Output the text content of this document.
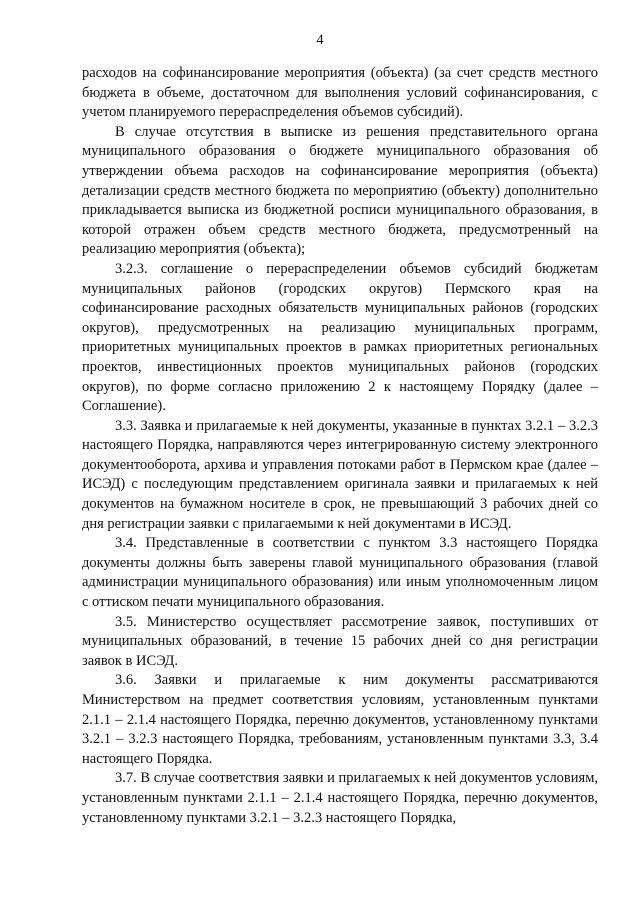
4

расходов на софинансирование мероприятия (объекта) (за счет средств местного бюджета в объеме, достаточном для выполнения условий софинансирования, с учетом планируемого перераспределения объемов субсидий).

В случае отсутствия в выписке из решения представительного органа муниципального образования о бюджете муниципального образования об утверждении объема расходов на софинансирование мероприятия (объекта) детализации средств местного бюджета по мероприятию (объекту) дополнительно прикладывается выписка из бюджетной росписи муниципального образования, в которой отражен объем средств местного бюджета, предусмотренный на реализацию мероприятия (объекта);

3.2.3. соглашение о перераспределении объемов субсидий бюджетам муниципальных районов (городских округов) Пермского края на софинансирование расходных обязательств муниципальных районов (городских округов), предусмотренных на реализацию муниципальных программ, приоритетных муниципальных проектов в рамках приоритетных региональных проектов, инвестиционных проектов муниципальных районов (городских округов), по форме согласно приложению 2 к настоящему Порядку (далее – Соглашение).

3.3. Заявка и прилагаемые к ней документы, указанные в пунктах 3.2.1 – 3.2.3 настоящего Порядка, направляются через интегрированную систему электронного документооборота, архива и управления потоками работ в Пермском крае (далее – ИСЭД) с последующим представлением оригинала заявки и прилагаемых к ней документов на бумажном носителе в срок, не превышающий 3 рабочих дней со дня регистрации заявки с прилагаемыми к ней документами в ИСЭД.

3.4. Представленные в соответствии с пунктом 3.3 настоящего Порядка документы должны быть заверены главой муниципального образования (главой администрации муниципального образования) или иным уполномоченным лицом с оттиском печати муниципального образования.

3.5. Министерство осуществляет рассмотрение заявок, поступивших от муниципальных образований, в течение 15 рабочих дней со дня регистрации заявок в ИСЭД.

3.6. Заявки и прилагаемые к ним документы рассматриваются Министерством на предмет соответствия условиям, установленным пунктами 2.1.1 – 2.1.4 настоящего Порядка, перечню документов, установленному пунктами 3.2.1 – 3.2.3 настоящего Порядка, требованиям, установленным пунктами 3.3, 3.4 настоящего Порядка.

3.7. В случае соответствия заявки и прилагаемых к ней документов условиям, установленным пунктами 2.1.1 – 2.1.4 настоящего Порядка, перечню документов, установленному пунктами 3.2.1 – 3.2.3 настоящего Порядка,
